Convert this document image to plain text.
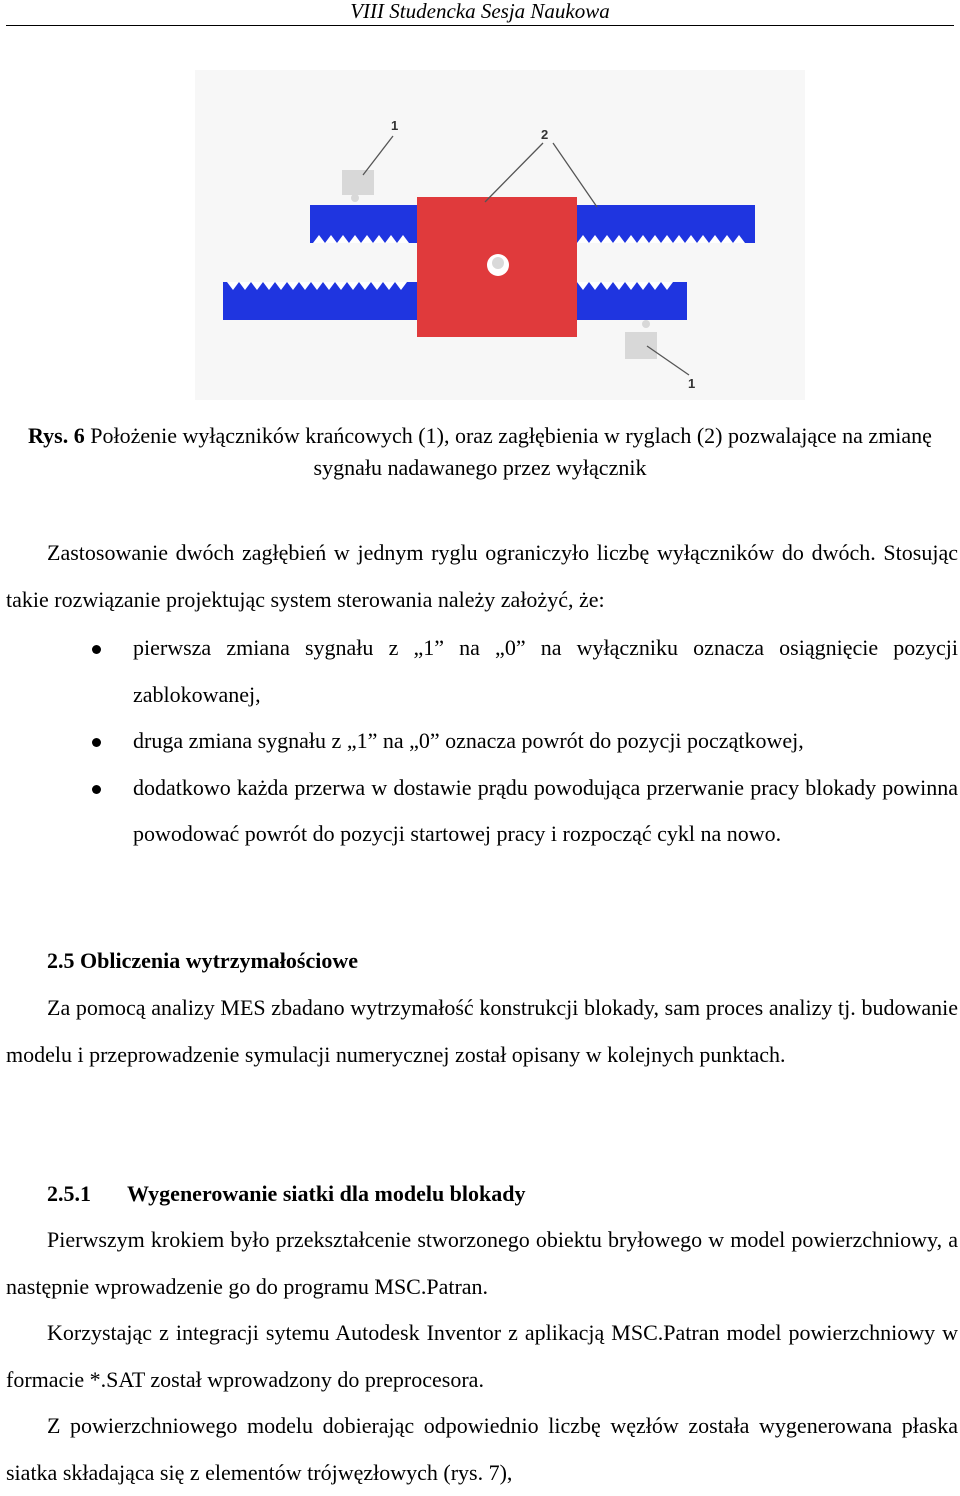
VIII Studencka Sesja Naukowa
1
2
1
Rys. 6 Położenie wyłączników krańcowych (1), oraz zagłębienia w ryglach (2) pozwalające na zmianę sygnału nadawanego przez wyłącznik

Zastosowanie dwóch zagłębień w jednym ryglu ograniczyło liczbę wyłączników do dwóch. Stosując takie rozwiązanie projektując system sterowania należy założyć, że:

pierwsza zmiana sygnału z „1” na „0” na wyłączniku oznacza osiągnięcie pozycji zablokowanej,
druga zmiana sygnału z „1” na „0” oznacza powrót do pozycji początkowej,
dodatkowo każda przerwa w dostawie prądu powodująca przerwanie pracy blokady powinna powodować powrót do pozycji startowej pracy i rozpocząć cykl na nowo.
2.5 Obliczenia wytrzymałościowe

Za pomocą analizy MES zbadano wytrzymałość konstrukcji blokady, sam proces analizy tj. budowanie modelu i przeprowadzenie symulacji numerycznej został opisany w kolejnych punktach.

2.5.1 Wygenerowanie siatki dla modelu blokady

Pierwszym krokiem było przekształcenie stworzonego obiektu bryłowego w model powierzchniowy, a następnie wprowadzenie go do programu MSC.Patran.

Korzystając z integracji sytemu Autodesk Inventor z aplikacją MSC.Patran model powierzchniowy w formacie *.SAT został wprowadzony do preprocesora.

Z powierzchniowego modelu dobierając odpowiednio liczbę węzłów została wygenerowana płaska siatka składająca się z elementów trójwęzłowych (rys. 7),
